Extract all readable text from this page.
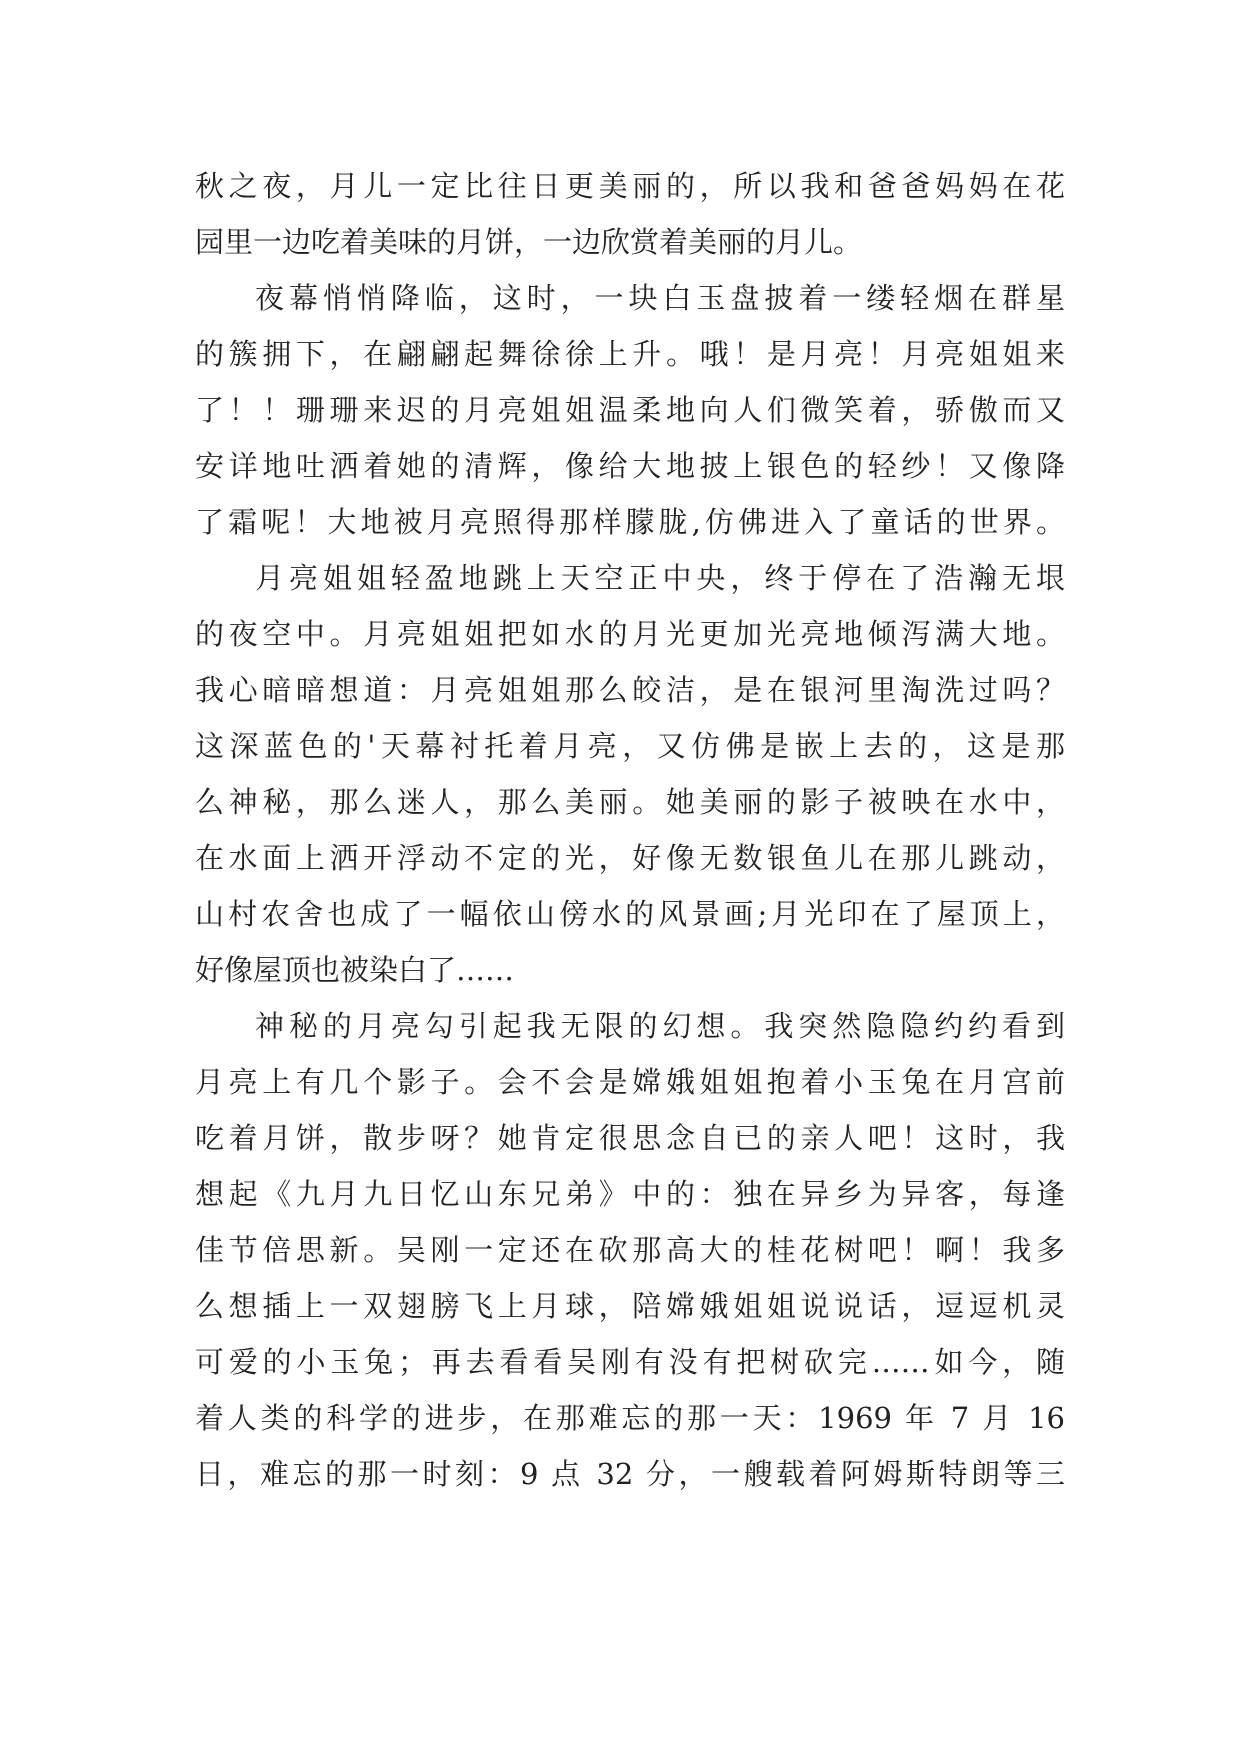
秋之夜，月儿一定比往日更美丽的，所以我和爸爸妈妈在花
园里一边吃着美味的月饼，一边欣赏着美丽的月儿。
夜幕悄悄降临，这时，一块白玉盘披着一缕轻烟在群星
的簇拥下，在翩翩起舞徐徐上升。哦！是月亮！月亮姐姐来
了！！珊珊来迟的月亮姐姐温柔地向人们微笑着，骄傲而又
安详地吐洒着她的清辉，像给大地披上银色的轻纱！又像降
了霜呢！大地被月亮照得那样朦胧,仿佛进入了童话的世界。
月亮姐姐轻盈地跳上天空正中央，终于停在了浩瀚无垠
的夜空中。月亮姐姐把如水的月光更加光亮地倾泻满大地。
我心暗暗想道：月亮姐姐那么皎洁，是在银河里淘洗过吗？
这深蓝色的'天幕衬托着月亮，又仿佛是嵌上去的，这是那
么神秘，那么迷人，那么美丽。她美丽的影子被映在水中，
在水面上洒开浮动不定的光，好像无数银鱼儿在那儿跳动，
山村农舍也成了一幅依山傍水的风景画;月光印在了屋顶上，
好像屋顶也被染白了……
神秘的月亮勾引起我无限的幻想。我突然隐隐约约看到
月亮上有几个影子。会不会是嫦娥姐姐抱着小玉兔在月宫前
吃着月饼，散步呀？她肯定很思念自已的亲人吧！这时，我
想起《九月九日忆山东兄弟》中的：独在异乡为异客，每逢
佳节倍思新。吴刚一定还在砍那高大的桂花树吧！啊！我多
么想插上一双翅膀飞上月球，陪嫦娥姐姐说说话，逗逗机灵
可爱的小玉兔；再去看看吴刚有没有把树砍完……如今，随
着人类的科学的进步，在那难忘的那一天：1969 年 7 月 16
日，难忘的那一时刻：9 点 32 分，一艘载着阿姆斯特朗等三
